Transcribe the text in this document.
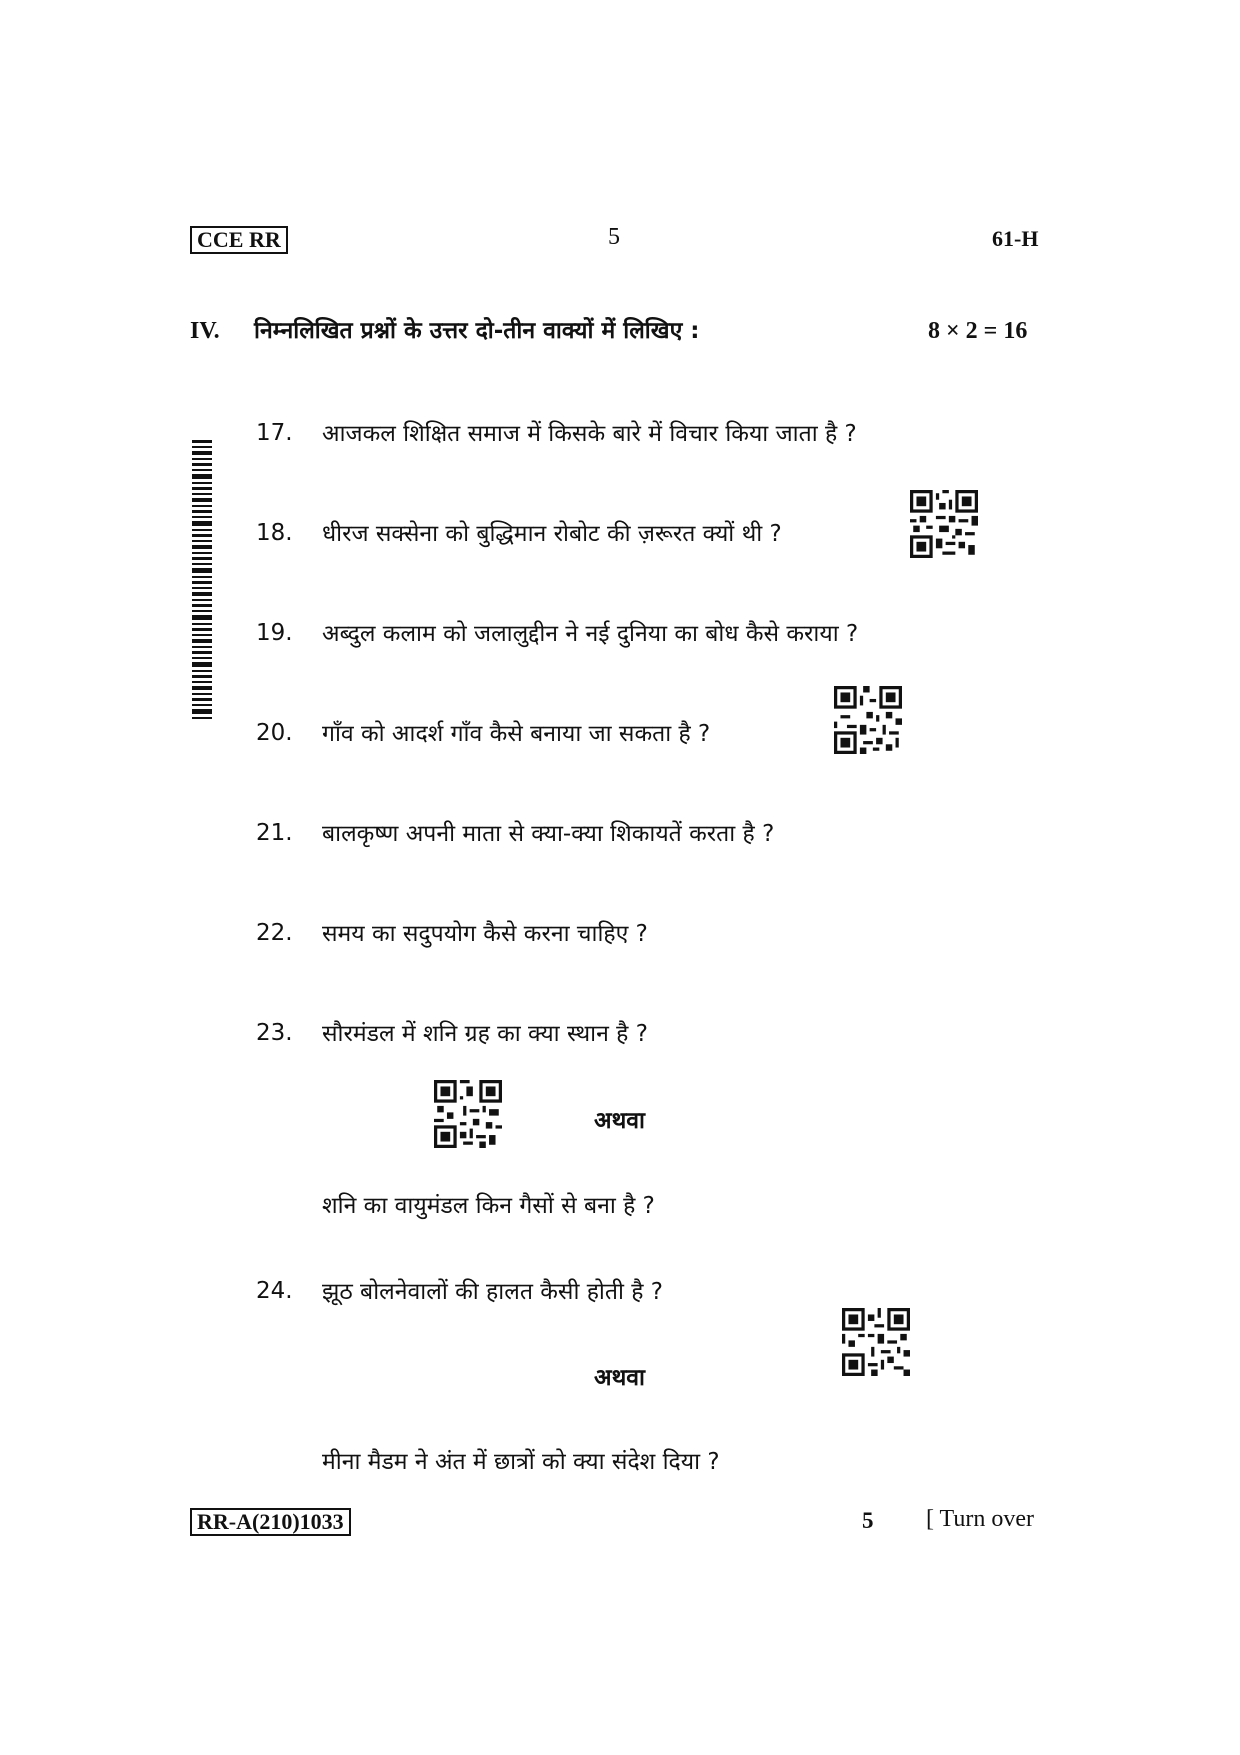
CCE RR	5	61-H
IV. निम्नलिखित प्रश्नों के उत्तर दो-तीन वाक्यों में लिखिए :	8 × 2 = 16
17. आजकल शिक्षित समाज में किसके बारे में विचार किया जाता है ?
18. धीरज सक्सेना को बुद्धिमान रोबोट की ज़रूरत क्यों थी ?
19. अब्दुल कलाम को जलालुद्दीन ने नई दुनिया का बोध कैसे कराया ?
20. गाँव को आदर्श गाँव कैसे बनाया जा सकता है ?
21. बालकृष्ण अपनी माता से क्या-क्या शिकायतें करता है ?
22. समय का सदुपयोग कैसे करना चाहिए ?
23. सौरमंडल में शनि ग्रह का क्या स्थान है ?
अथवा
शनि का वायुमंडल किन गैसों से बना है ?
24. झूठ बोलनेवालों की हालत कैसी होती है ?
अथवा
मीना मैडम ने अंत में छात्रों को क्या संदेश दिया ?
RR-A(210)1033	5 [ Turn over
